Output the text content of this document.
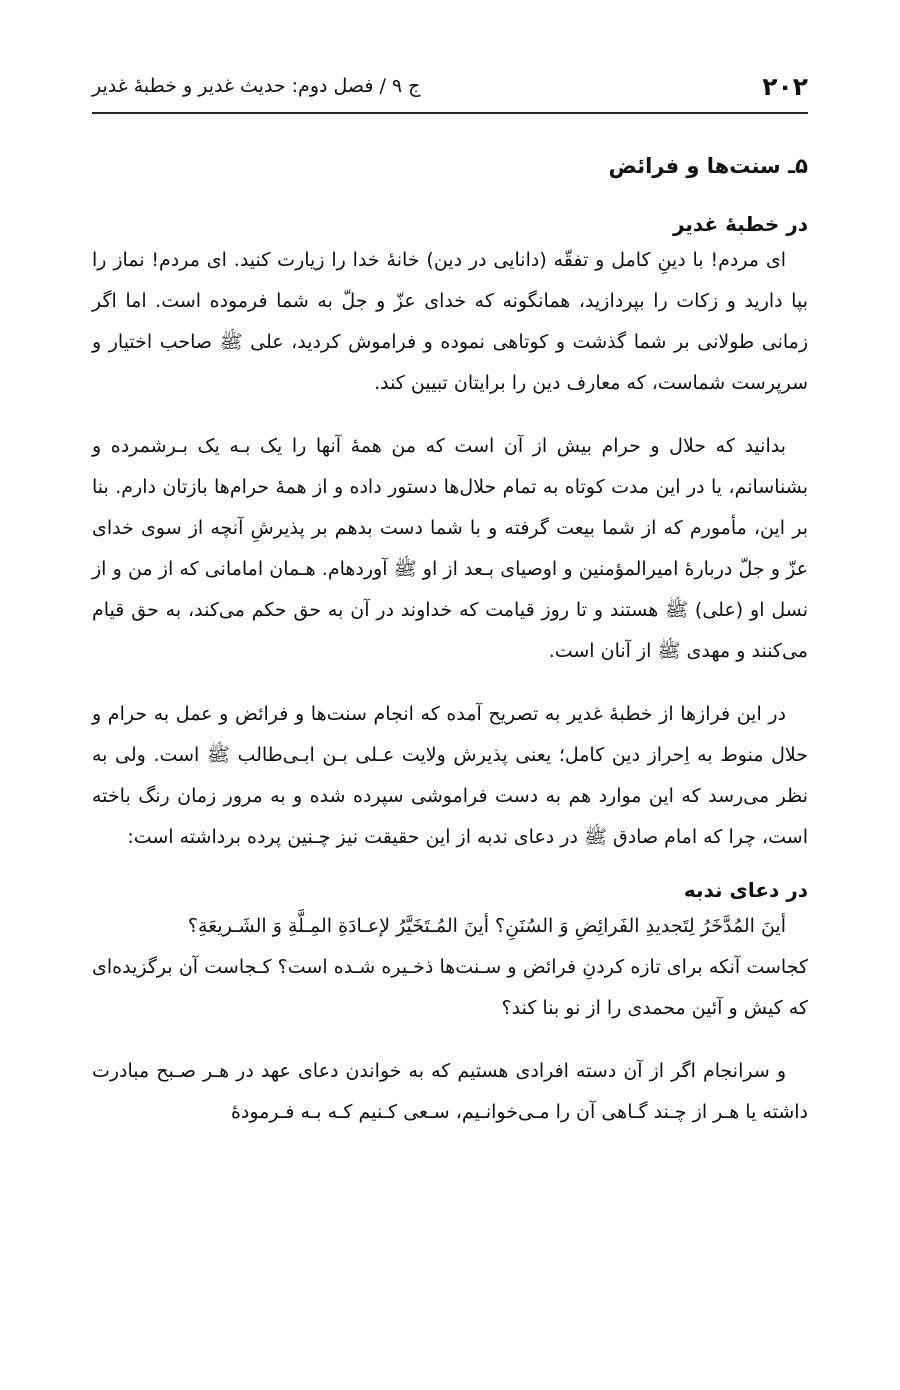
۲۰۲
ج ۹ / فصل دوم: حدیث غدیر و خطبهٔ غدیر
۵ـ سنت‌ها و فرائض
در خطبهٔ غدیر

ای مردم! با دینِ کامل و تفقّه (دانایی در دین) خانهٔ خدا را زیارت کنید. ای مردم! نماز را بپا دارید و زکات را بپردازید، همانگونه که خدای عزّ و جلّ به شما فرموده است. اما اگر زمانی طولانی بر شما گذشت و کوتاهی نموده و فراموش کردید، علی ﷺ صاحب اختیار و سرپرست شماست، که معارف دین را برایتان تبیین کند.

بدانید که حلال و حرام بیش از آن است که من همهٔ آنها را یک بـه یک بـرشمرده و بشناسانم، یا در این مدت کوتاه به تمام حلال‌ها دستور داده و از همهٔ حرام‌ها بازتان دارم. بنا بر این، مأمورم که از شما بیعت گرفته و با شما دست بدهم بر پذیرشِ آنچه از سوی خدای عزّ و جلّ دربارهٔ امیرالمؤمنین و اوصیای بـعد از او ﷺ آوردهام. هـمان امامانی که از من و از نسل او (علی) ﷺ هستند و تا روز قیامت که خداوند در آن به حق حکم می‌کند، به حق قیام می‌کنند و مهدی ﷺ از آنان است.

در این فرازها از خطبهٔ غدیر به تصریح آمده که انجام سنت‌ها و فرائض و عمل به حرام و حلال منوط به اِحراز دین کامل؛ یعنی پذیرش ولایت عـلی بـن ابـی‌طالب ﷺ است. ولی به نظر می‌رسد که این موارد هم به دست فراموشی سپرده شده و به مرور زمان رنگ باخته است، چرا که امام صادق ﷺ در دعای ندبه از این حقیقت نیز چـنین پرده برداشته است:

در دعای ندبه

أینَ المُدَّخَرُ لِتَجدیدِ الفَرائِضِ وَ السُنَنِ؟ أینَ المُـتَخَیَّرُ لإعـادَةِ المِـلَّةِ وَ الشَـریعَةِ؟

کجاست آنکه برای تازه کردنِ فرائض و سـنت‌ها ذخـیره شـده است؟ کـجاست آن برگزیده‌ای که کیش و آئین محمدی را از نو بنا کند؟

و سرانجام اگر از آن دسته افرادی هستیم که به خواندن دعای عهد در هـر صـبح مبادرت داشته یا هـر از چـند گـاهی آن را مـی‌خوانـیم، سـعی کـنیم کـه بـه فـرمودهٔ
